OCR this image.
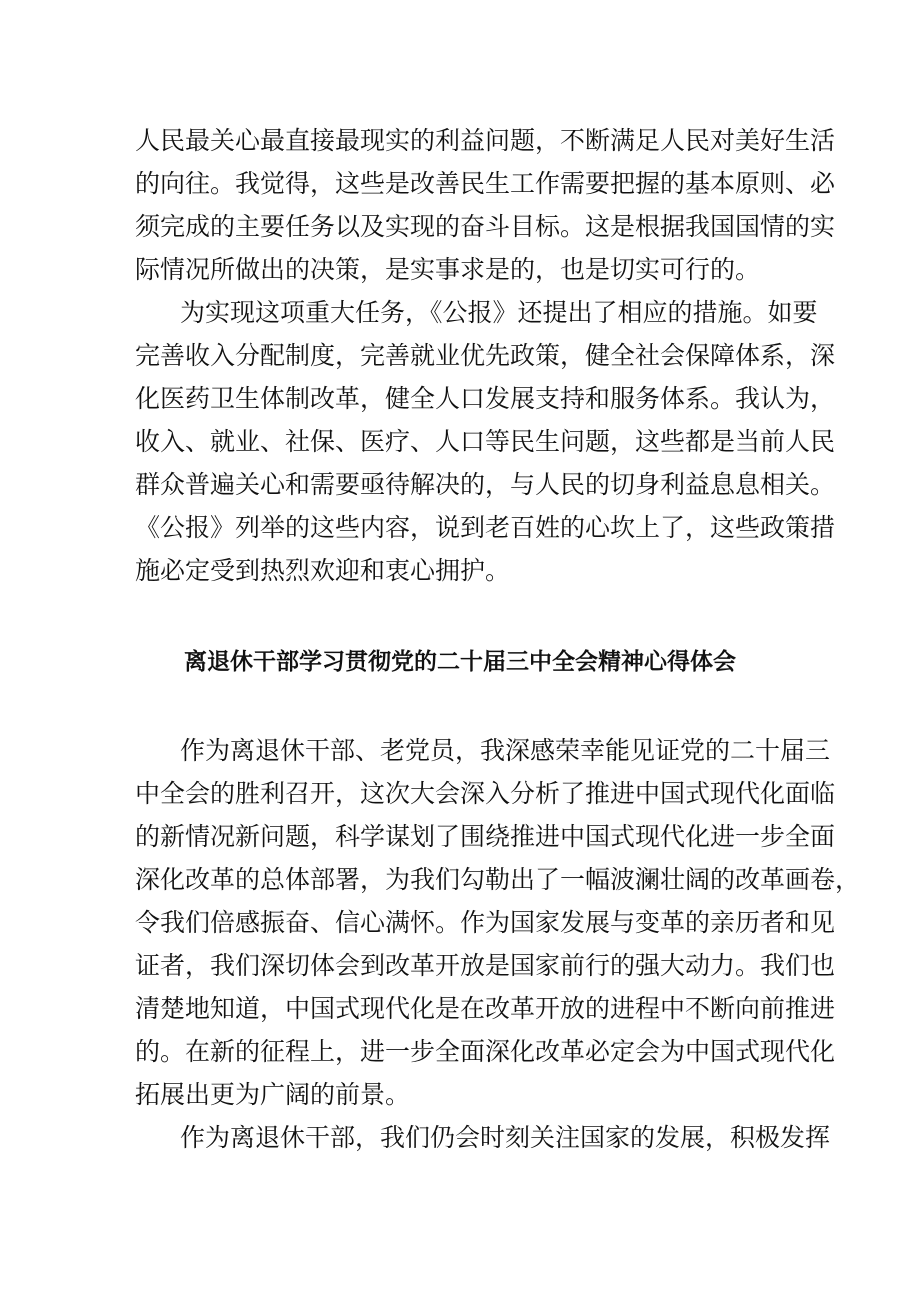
人民最关心最直接最现实的利益问题，不断满足人民对美好生活

的向往。我觉得，这些是改善民生工作需要把握的基本原则、必

须完成的主要任务以及实现的奋斗目标。这是根据我国国情的实

际情况所做出的决策，是实事求是的，也是切实可行的。

为实现这项重大任务，《公报》还提出了相应的措施。如要

完善收入分配制度，完善就业优先政策，健全社会保障体系，深

化医药卫生体制改革，健全人口发展支持和服务体系。我认为，

收入、就业、社保、医疗、人口等民生问题，这些都是当前人民

群众普遍关心和需要亟待解决的，与人民的切身利益息息相关。

《公报》列举的这些内容，说到老百姓的心坎上了，这些政策措

施必定受到热烈欢迎和衷心拥护。

离退休干部学习贯彻党的二十届三中全会精神心得体会

作为离退休干部、老党员，我深感荣幸能见证党的二十届三

中全会的胜利召开，这次大会深入分析了推进中国式现代化面临

的新情况新问题，科学谋划了围绕推进中国式现代化进一步全面

深化改革的总体部署，为我们勾勒出了一幅波澜壮阔的改革画卷，

令我们倍感振奋、信心满怀。作为国家发展与变革的亲历者和见

证者，我们深切体会到改革开放是国家前行的强大动力。我们也

清楚地知道，中国式现代化是在改革开放的进程中不断向前推进

的。在新的征程上，进一步全面深化改革必定会为中国式现代化

拓展出更为广阔的前景。

作为离退休干部，我们仍会时刻关注国家的发展，积极发挥
